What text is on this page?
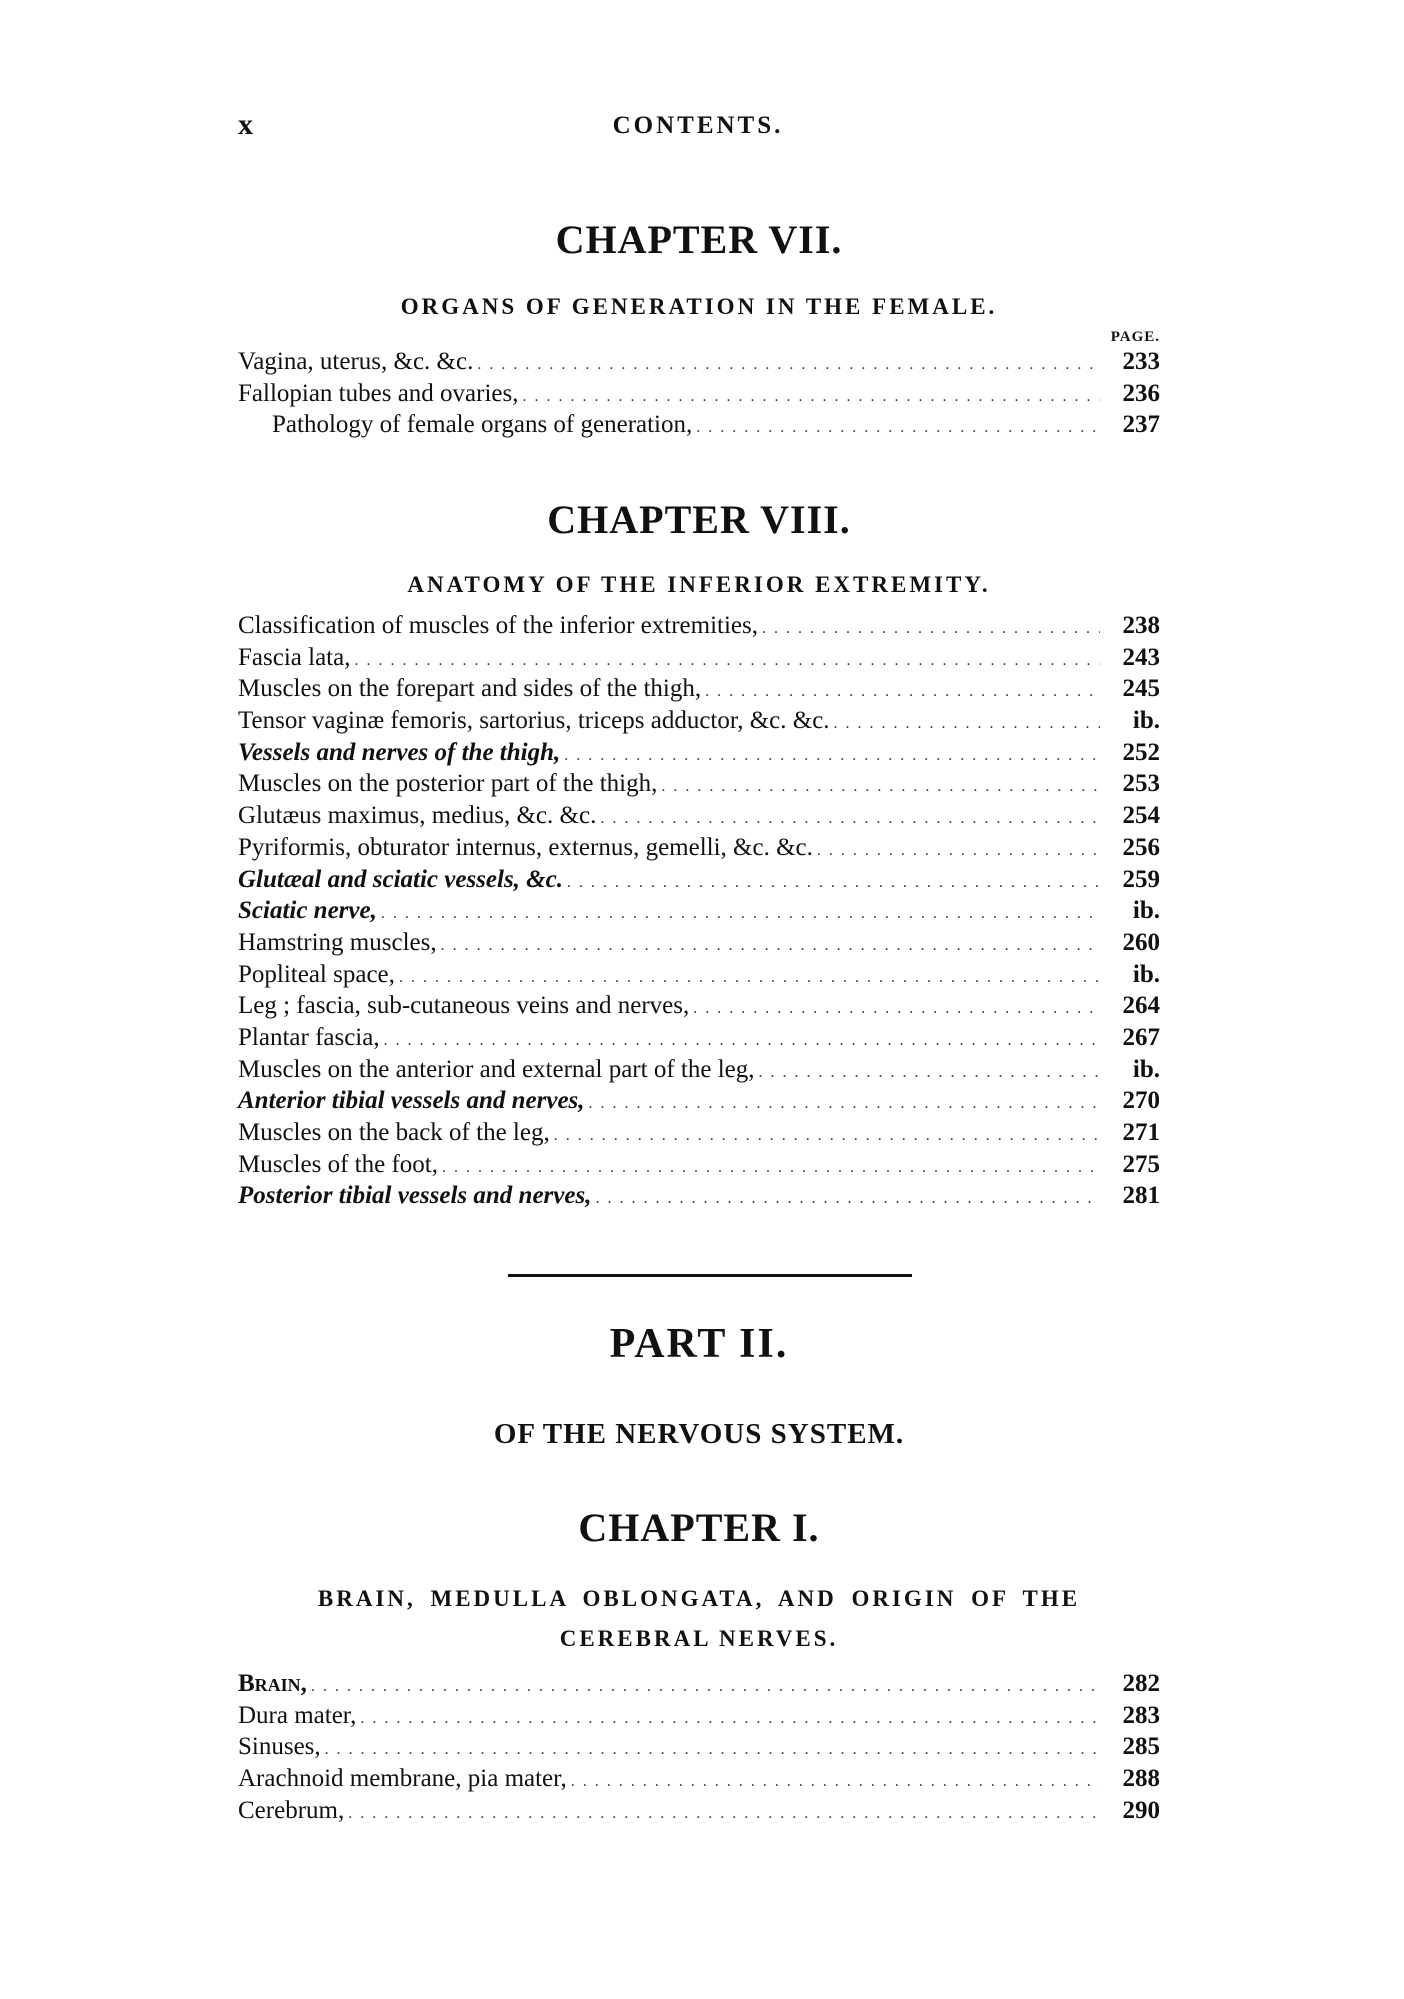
x	CONTENTS.
CHAPTER VII.

ORGANS OF GENERATION IN THE FEMALE.

PAGE.

Vagina, uterus, &c. &c. . . .	233
Fallopian tubes and ovaries, . . .	236
Pathology of female organs of generation, . . .	237
CHAPTER VIII.

ANATOMY OF THE INFERIOR EXTREMITY.

Classification of muscles of the inferior extremities, . . .	238
Fascia lata, . . .	243
Muscles on the forepart and sides of the thigh, . . .	245
Tensor vaginæ femoris, sartorius, triceps adductor, &c. &c. . . .	ib.
Vessels and nerves of the thigh, . . .	252
Muscles on the posterior part of the thigh, . . .	253
Glutæus maximus, medius, &c. &c. . . .	254
Pyriformis, obturator internus, externus, gemelli, &c. &c. . . .	256
Glutæal and sciatic vessels, &c. . . .	259
Sciatic nerve, . . .	ib.
Hamstring muscles, . . .	260
Popliteal space, . . .	ib.
Leg ; fascia, sub-cutaneous veins and nerves, . . .	264
Plantar fascia, . . .	267
Muscles on the anterior and external part of the leg, . . .	ib.
Anterior tibial vessels and nerves, . . .	270
Muscles on the back of the leg, . . .	271
Muscles of the foot, . . .	275
Posterior tibial vessels and nerves, . . .	281
PART II.
OF THE NERVOUS SYSTEM.
CHAPTER I.

BRAIN, MEDULLA OBLONGATA, AND ORIGIN OF THE

CEREBRAL NERVES.

Brain, . . .	282
Dura mater, . . .	283
Sinuses, . . .	285
Arachnoid membrane, pia mater, . . .	288
Cerebrum, . . .	290
